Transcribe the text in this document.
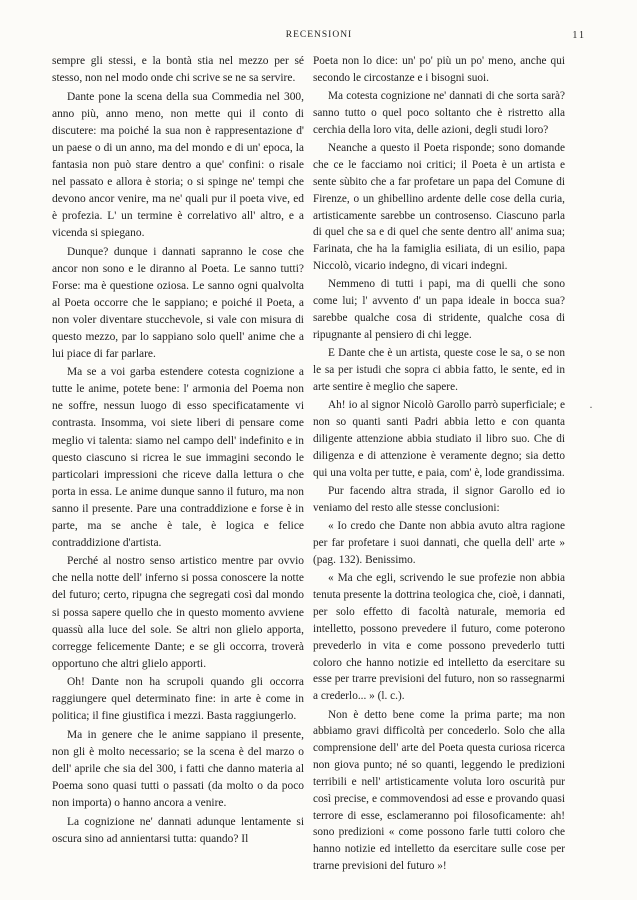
RECENSIONI	11

sempre gli stessi, e la bontà stia nel mezzo per sé stesso, non nel modo onde chi scrive se ne sa servire.

Dante pone la scena della sua Commedia nel 300, anno più, anno meno, non mette qui il conto di discutere: ma poiché la sua non è rappresentazione d' un paese o di un anno, ma del mondo e di un' epoca, la fantasia non può stare dentro a que' confini: o risale nel passato e allora è storia; o si spinge ne' tempi che devono ancor venire, ma ne' quali pur il poeta vive, ed è profezia. L' un termine è correlativo all' altro, e a vicenda si spiegano.

Dunque? dunque i dannati sapranno le cose che ancor non sono e le diranno al Poeta. Le sanno tutti? Forse: ma è questione oziosa. Le sanno ogni qualvolta al Poeta occorre che le sappiano; e poiché il Poeta, a non voler diventare stucchevole, si vale con misura di questo mezzo, par lo sappiano solo quell' anime che a lui piace di far parlare.

Ma se a voi garba estendere cotesta cognizione a tutte le anime, potete bene: l' armonia del Poema non ne soffre, nessun luogo di esso specificatamente vi contrasta. Insomma, voi siete liberi di pensare come meglio vi talenta: siamo nel campo dell' indefinito e in questo ciascuno si ricrea le sue immagini secondo le particolari impressioni che riceve dalla lettura o che porta in essa. Le anime dunque sanno il futuro, ma non sanno il presente. Pare una contraddizione e forse è in parte, ma se anche è tale, è logica e felice contraddizione d'artista.

Perché al nostro senso artistico mentre par ovvio che nella notte dell' inferno si possa conoscere la notte del futuro; certo, ripugna che segregati così dal mondo si possa sapere quello che in questo momento avviene quassù alla luce del sole. Se altri non glielo apporta, corregge felicemente Dante; e se gli occorra, troverà opportuno che altri glielo apporti.

Oh! Dante non ha scrupoli quando gli occorra raggiungere quel determinato fine: in arte è come in politica; il fine giustifica i mezzi. Basta raggiungerlo.

Ma in genere che le anime sappiano il presente, non gli è molto necessario; se la scena è del marzo o dell' aprile che sia del 300, i fatti che danno materia al Poema sono quasi tutti o passati (da molto o da poco non importa) o hanno ancora a venire.

La cognizione ne' dannati adunque lentamente si oscura sino ad annientarsi tutta: quando? Il

Poeta non lo dice: un' po' più un po' meno, anche qui secondo le circostanze e i bisogni suoi.

Ma cotesta cognizione ne' dannati di che sorta sarà? sanno tutto o quel poco soltanto che è ristretto alla cerchia della loro vita, delle azioni, degli studi loro?

Neanche a questo il Poeta risponde; sono domande che ce le facciamo noi critici; il Poeta è un artista e sente sùbito che a far profetare un papa del Comune di Firenze, o un ghibellino ardente delle cose della curia, artisticamente sarebbe un controsenso. Ciascuno parla di quel che sa e di quel che sente dentro all' anima sua; Farinata, che ha la famiglia esiliata, di un esilio, papa Niccolò, vicario indegno, di vicari indegni.

Nemmeno di tutti i papi, ma di quelli che sono come lui; l' avvento d' un papa ideale in bocca sua? sarebbe qualche cosa di stridente, qualche cosa di ripugnante al pensiero di chi legge.

E Dante che è un artista, queste cose le sa, o se non le sa per istudi che sopra ci abbia fatto, le sente, ed in arte sentire è meglio che sapere.

Ah! io al signor Nicolò Garollo parrò superficiale; e non so quanti santi Padri abbia letto e con quanta diligente attenzione abbia studiato il libro suo. Che di diligenza e di attenzione è veramente degno; sia detto qui una volta per tutte, e paia, com' è, lode grandissima.

Pur facendo altra strada, il signor Garollo ed io veniamo del resto alle stesse conclusioni:

« Io credo che Dante non abbia avuto altra ragione per far profetare i suoi dannati, che quella dell' arte » (pag. 132). Benissimo.

« Ma che egli, scrivendo le sue profezie non abbia tenuta presente la dottrina teologica che, cioè, i dannati, per solo effetto di facoltà naturale, memoria ed intelletto, possono prevedere il futuro, come poterono prevederlo in vita e come possono prevederlo tutti coloro che hanno notizie ed intelletto da esercitare su esse per trarre previsioni del futuro, non so rassegnarmi a crederlo... » (l. c.).

Non è detto bene come la prima parte; ma non abbiamo gravi difficoltà per concederlo. Solo che alla comprensione dell' arte del Poeta questa curiosa ricerca non giova punto; né so quanti, leggendo le predizioni terribili e nell' artisticamente voluta loro oscurità pur così precise, e commovendosi ad esse e provando quasi terrore di esse, esclameranno poi filosoficamente: ah! sono predizioni « come possono farle tutti coloro che hanno notizie ed intelletto da esercitare sulle cose per trarne previsioni del futuro »!

·
